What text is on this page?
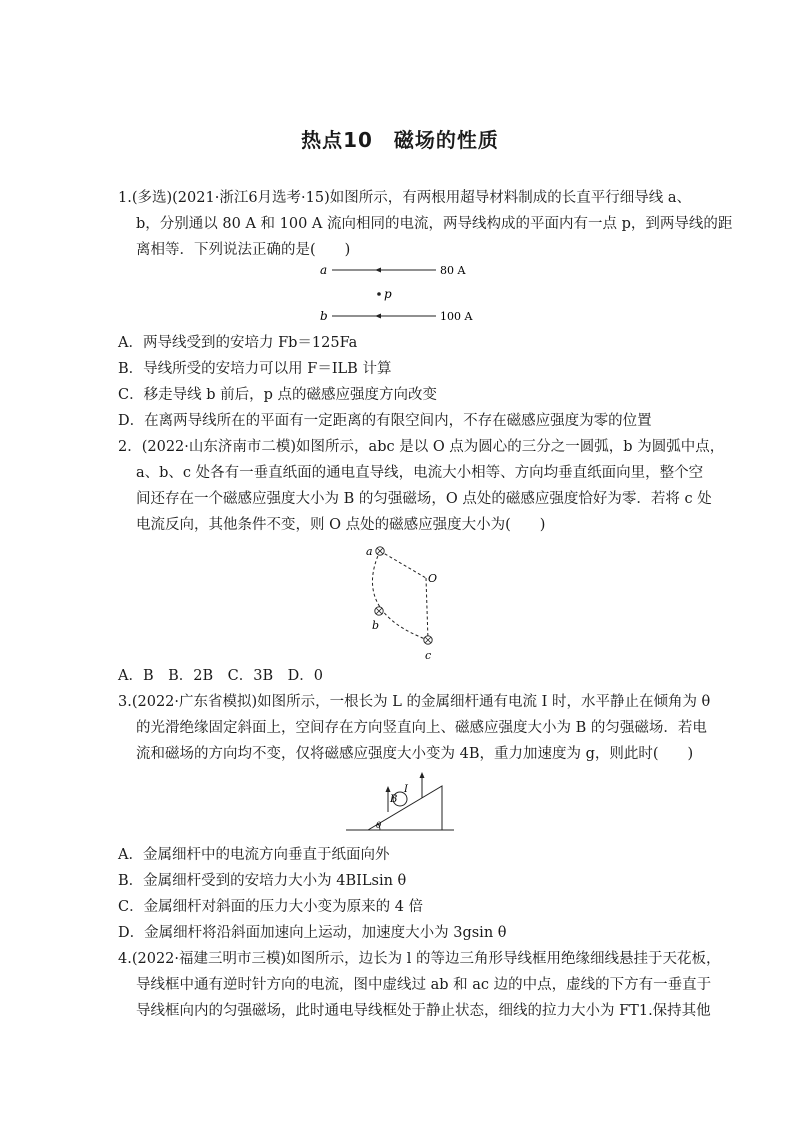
热点10　磁场的性质
1.(多选)(2021·浙江6月选考·15)如图所示，有两根用超导材料制成的长直平行细导线 a、
b，分别通以 80 A 和 100 A 流向相同的电流，两导线构成的平面内有一点 p，到两导线的距
离相等．下列说法正确的是(　　)
a	80 A
p
b	100 A
A．两导线受到的安培力 Fb＝125Fa
B．导线所受的安培力可以用 F＝ILB 计算
C．移走导线 b 前后，p 点的磁感应强度方向改变
D．在离两导线所在的平面有一定距离的有限空间内，不存在磁感应强度为零的位置
2．(2022·山东济南市二模)如图所示，abc 是以 O 点为圆心的三分之一圆弧，b 为圆弧中点，
a、b、c 处各有一垂直纸面的通电直导线，电流大小相等、方向均垂直纸面向里，整个空
间还存在一个磁感应强度大小为 B 的匀强磁场，O 点处的磁感应强度恰好为零．若将 c 处
电流反向，其他条件不变，则 O 点处的磁感应强度大小为(　　)
a
O
b
c
A．B　B．2B　C．3B　D．0
3.(2022·广东省模拟)如图所示，一根长为 L 的金属细杆通有电流 I 时，水平静止在倾角为 θ
的光滑绝缘固定斜面上，空间存在方向竖直向上、磁感应强度大小为 B 的匀强磁场．若电
流和磁场的方向均不变，仅将磁感应强度大小变为 4B，重力加速度为 g，则此时(　　)
B
I
θ
A．金属细杆中的电流方向垂直于纸面向外
B．金属细杆受到的安培力大小为 4BILsin θ
C．金属细杆对斜面的压力大小变为原来的 4 倍
D．金属细杆将沿斜面加速向上运动，加速度大小为 3gsin θ
4.(2022·福建三明市三模)如图所示，边长为 l 的等边三角形导线框用绝缘细线悬挂于天花板，
导线框中通有逆时针方向的电流，图中虚线过 ab 和 ac 边的中点，虚线的下方有一垂直于
导线框向内的匀强磁场，此时通电导线框处于静止状态，细线的拉力大小为 FT1.保持其他
